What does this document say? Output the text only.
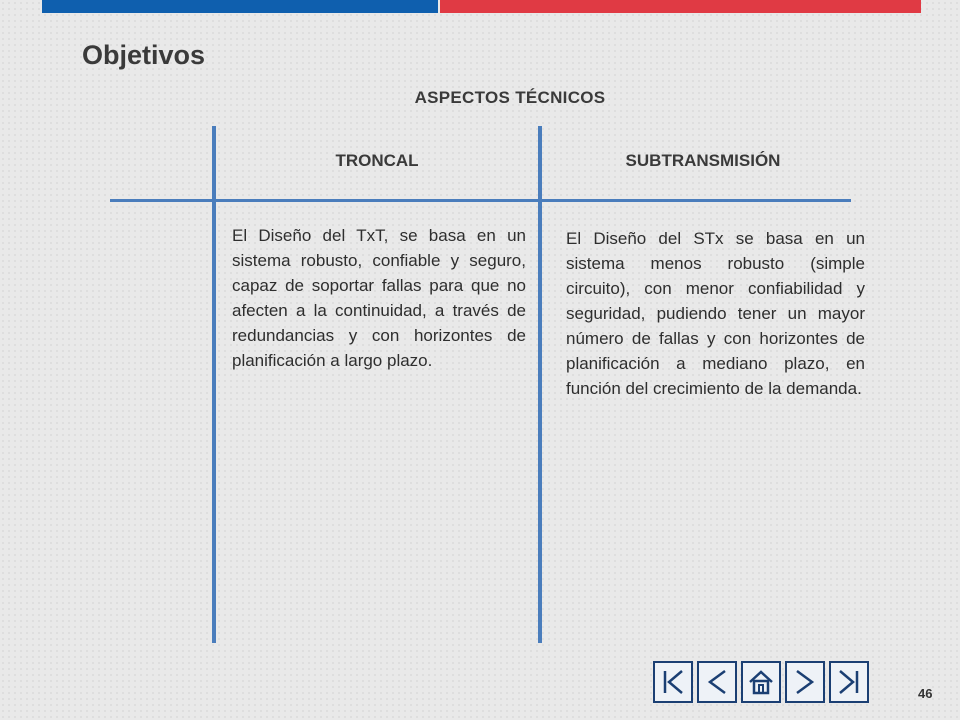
Objetivos
ASPECTOS TÉCNICOS
TRONCAL	SUBTRANSMISIÓN

El Diseño del TxT, se basa en un sistema robusto, confiable y seguro, capaz de soportar fallas para que no afecten a la continuidad, a través de redundancias y con horizontes de planificación a largo plazo.

El Diseño del STx se basa en un sistema menos robusto (simple circuito), con menor confiabilidad y seguridad, pudiendo tener un mayor número de fallas y con horizontes de planificación a mediano plazo, en función del crecimiento de la demanda.

46
